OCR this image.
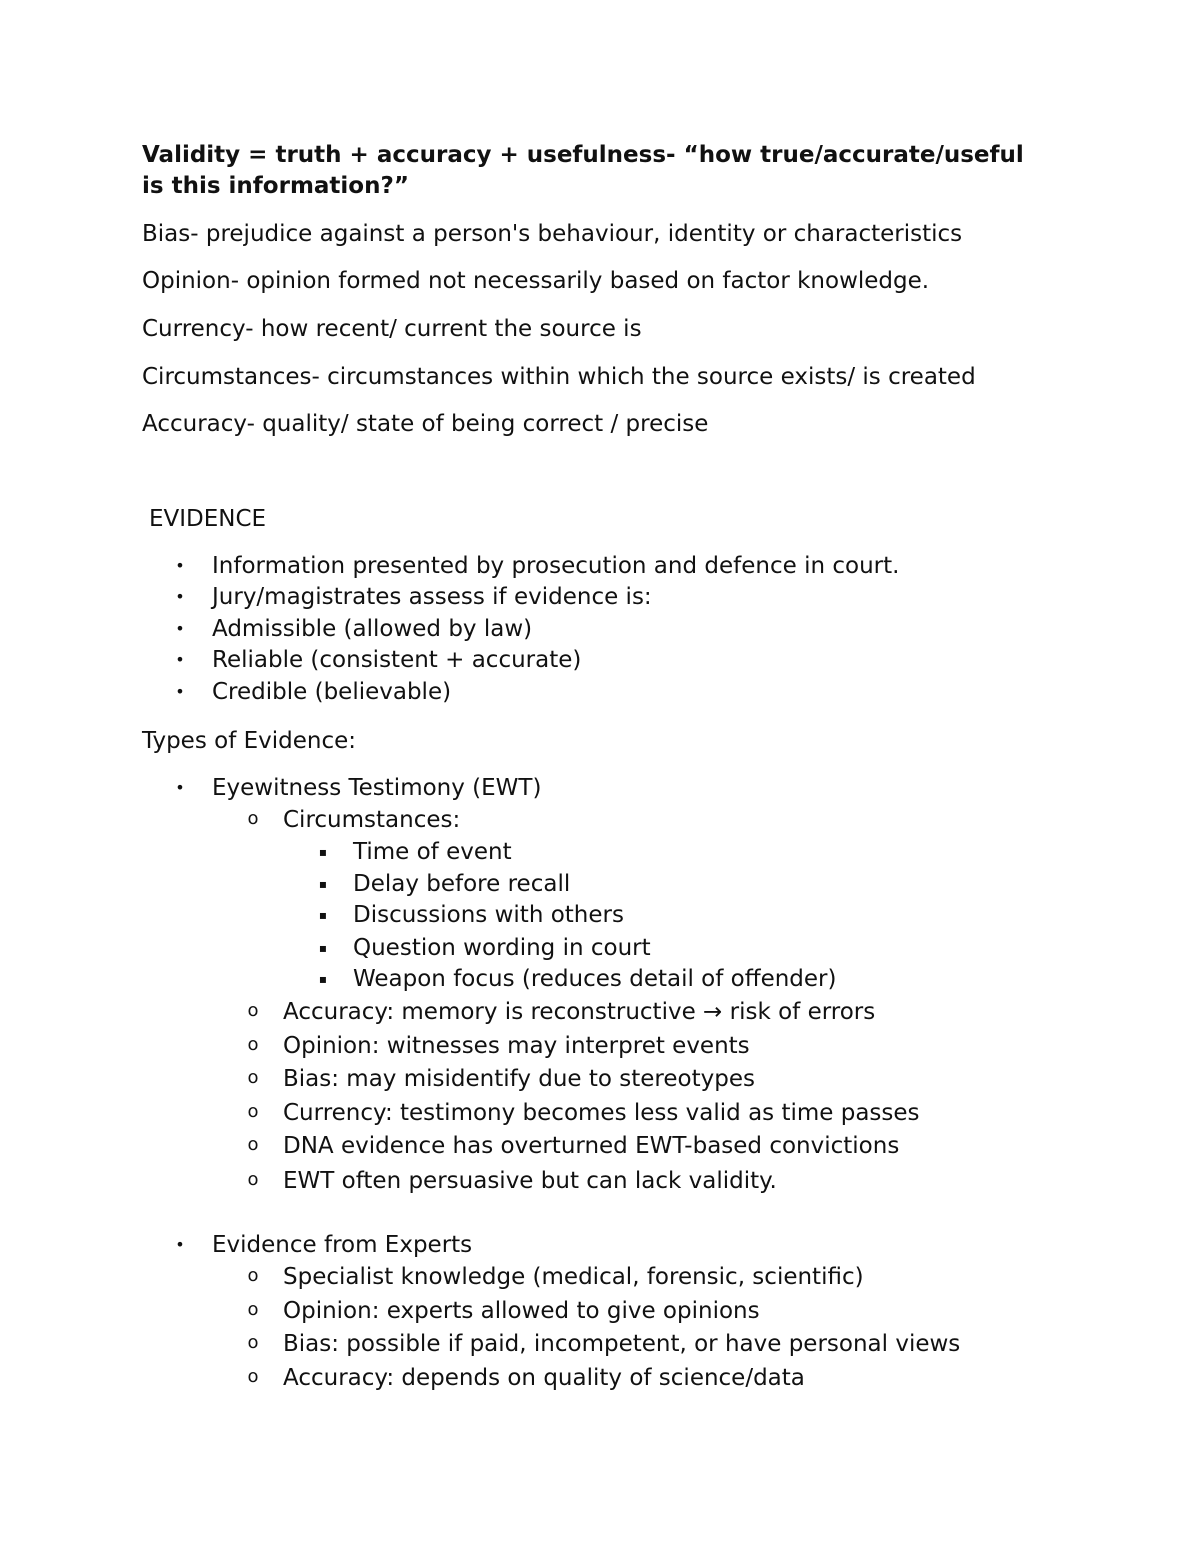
Validity = truth + accuracy + usefulness- “how true/accurate/useful
is this information?”
Bias- prejudice against a person's behaviour, identity or characteristics
Opinion- opinion formed not necessarily based on factor knowledge.
Currency- how recent/ current the source is
Circumstances- circumstances within which the source exists/ is created
Accuracy- quality/ state of being correct / precise
EVIDENCE
• Information presented by prosecution and defence in court.
• Jury/magistrates assess if evidence is:
• Admissible (allowed by law)
• Reliable (consistent + accurate)
• Credible (believable)
Types of Evidence:
• Eyewitness Testimony (EWT)
o Circumstances:
▪ Time of event
▪ Delay before recall
▪ Discussions with others
▪ Question wording in court
▪ Weapon focus (reduces detail of offender)
o Accuracy: memory is reconstructive → risk of errors
o Opinion: witnesses may interpret events
o Bias: may misidentify due to stereotypes
o Currency: testimony becomes less valid as time passes
o DNA evidence has overturned EWT-based convictions
o EWT often persuasive but can lack validity.
• Evidence from Experts
o Specialist knowledge (medical, forensic, scientific)
o Opinion: experts allowed to give opinions
o Bias: possible if paid, incompetent, or have personal views
o Accuracy: depends on quality of science/data
